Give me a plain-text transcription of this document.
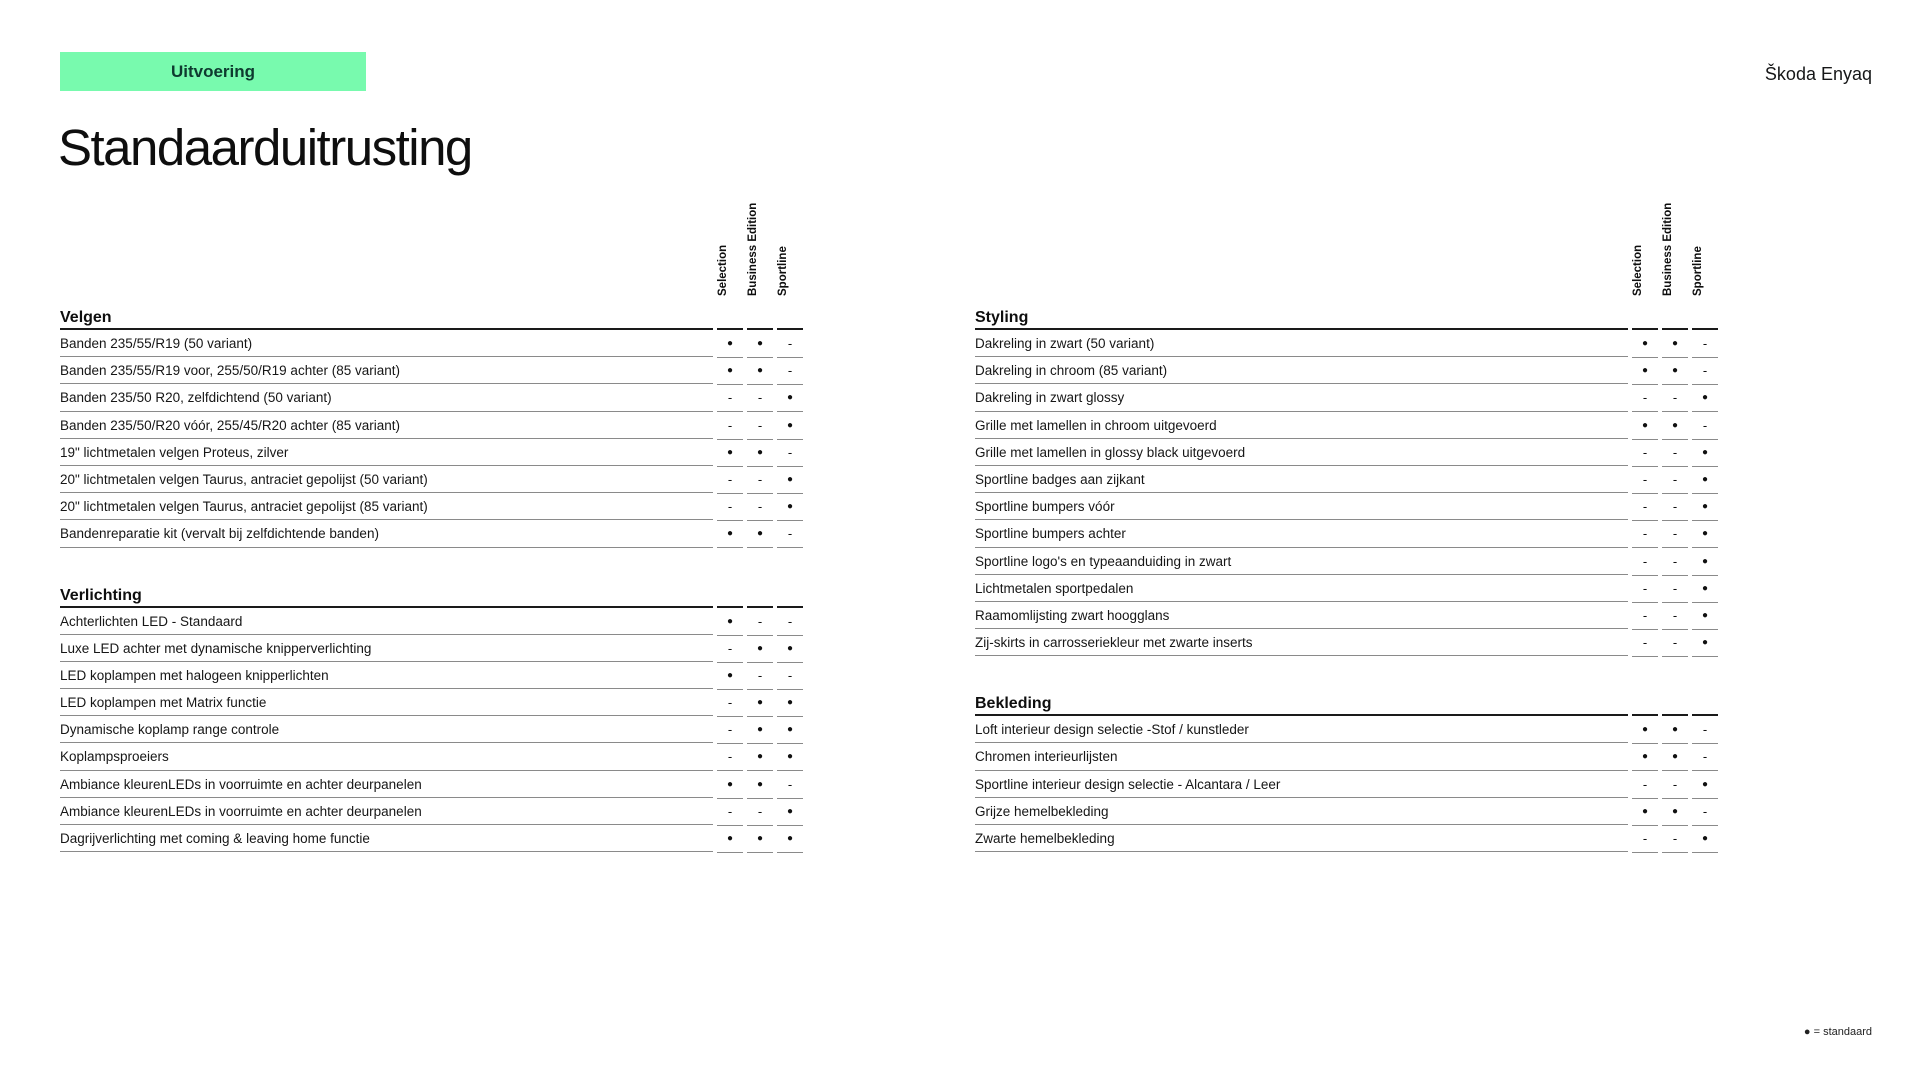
Uitvoering	Škoda Enyaq
Standaarduitrusting
Selection Business Edition Sportline
Velgen
Banden 235/55/R19 (50 variant)	●	●	-
Banden 235/55/R19 voor, 255/50/R19 achter (85 variant)	●	●	-
Banden 235/50 R20, zelfdichtend (50 variant)	-	-	●
Banden 235/50/R20 vóór, 255/45/R20 achter (85 variant)	-	-	●
19" lichtmetalen velgen Proteus, zilver	●	●	-
20" lichtmetalen velgen Taurus, antraciet gepolijst (50 variant)	-	-	●
20" lichtmetalen velgen Taurus, antraciet gepolijst (85 variant)	-	-	●
Bandenreparatie kit (vervalt bij zelfdichtende banden)	●	●	-
Verlichting
Achterlichten LED - Standaard	●	-	-
Luxe LED achter met dynamische knipperverlichting	-	●	●
LED koplampen met halogeen knipperlichten	●	-	-
LED koplampen met Matrix functie	-	●	●
Dynamische koplamp range controle	-	●	●
Koplampsproeiers	-	●	●
Ambiance kleurenLEDs in voorruimte en achter deurpanelen	●	●	-
Ambiance kleurenLEDs in voorruimte en achter deurpanelen	-	-	●
Dagrijverlichting met coming & leaving home functie	●	●	●
Selection Business Edition Sportline
Styling
Dakreling in zwart (50 variant)	●	●	-
Dakreling in chroom (85 variant)	●	●	-
Dakreling in zwart glossy	-	-	●
Grille met lamellen in chroom uitgevoerd	●	●	-
Grille met lamellen in glossy black uitgevoerd	-	-	●
Sportline badges aan zijkant	-	-	●
Sportline bumpers vóór	-	-	●
Sportline bumpers achter	-	-	●
Sportline logo's en typeaanduiding in zwart	-	-	●
Lichtmetalen sportpedalen	-	-	●
Raamomlijsting zwart hoogglans	-	-	●
Zij-skirts in carrosseriekleur met zwarte inserts	-	-	●
Bekleding
Loft interieur design selectie -Stof / kunstleder	●	●	-
Chromen interieurlijsten	●	●	-
Sportline interieur design selectie - Alcantara / Leer	-	-	●
Grijze hemelbekleding	●	●	-
Zwarte hemelbekleding	-	-	●
● = standaard
